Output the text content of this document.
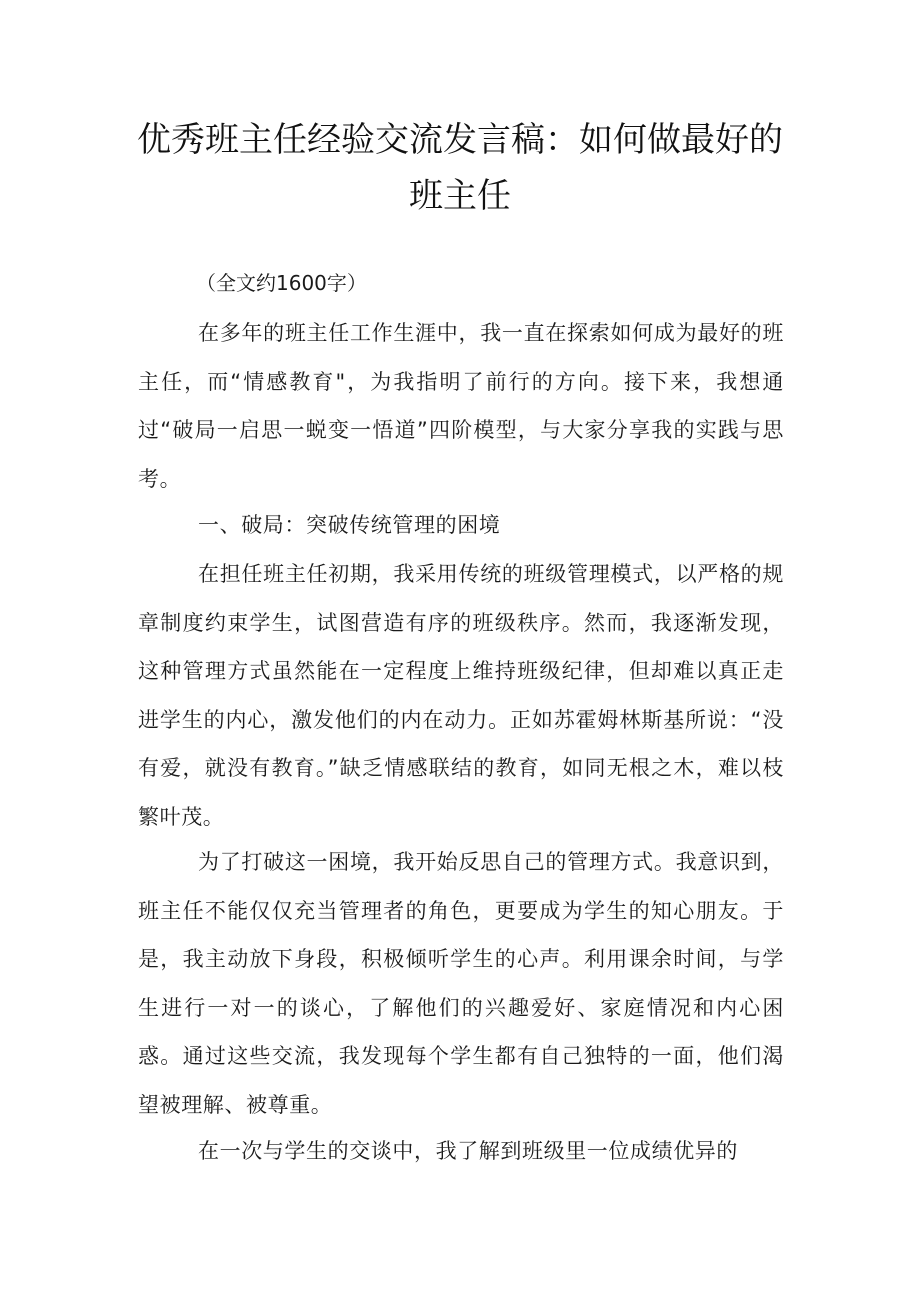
优秀班主任经验交流发言稿：如何做最好的
班主任
（全文约1600字）

在多年的班主任工作生涯中，我一直在探索如何成为最好的班主任，而“情感教育"，为我指明了前行的方向。接下来，我想通过“破局一启思一蜕变一悟道”四阶模型，与大家分享我的实践与思考。

一、破局：突破传统管理的困境

在担任班主任初期，我采用传统的班级管理模式，以严格的规章制度约束学生，试图营造有序的班级秩序。然而，我逐渐发现，这种管理方式虽然能在一定程度上维持班级纪律，但却难以真正走进学生的内心，激发他们的内在动力。正如苏霍姆林斯基所说：“没有爱，就没有教育。”缺乏情感联结的教育，如同无根之木，难以枝繁叶茂。

为了打破这一困境，我开始反思自己的管理方式。我意识到，班主任不能仅仅充当管理者的角色，更要成为学生的知心朋友。于是，我主动放下身段，积极倾听学生的心声。利用课余时间，与学生进行一对一的谈心，了解他们的兴趣爱好、家庭情况和内心困惑。通过这些交流，我发现每个学生都有自己独特的一面，他们渴望被理解、被尊重。

在一次与学生的交谈中，我了解到班级里一位成绩优异的
